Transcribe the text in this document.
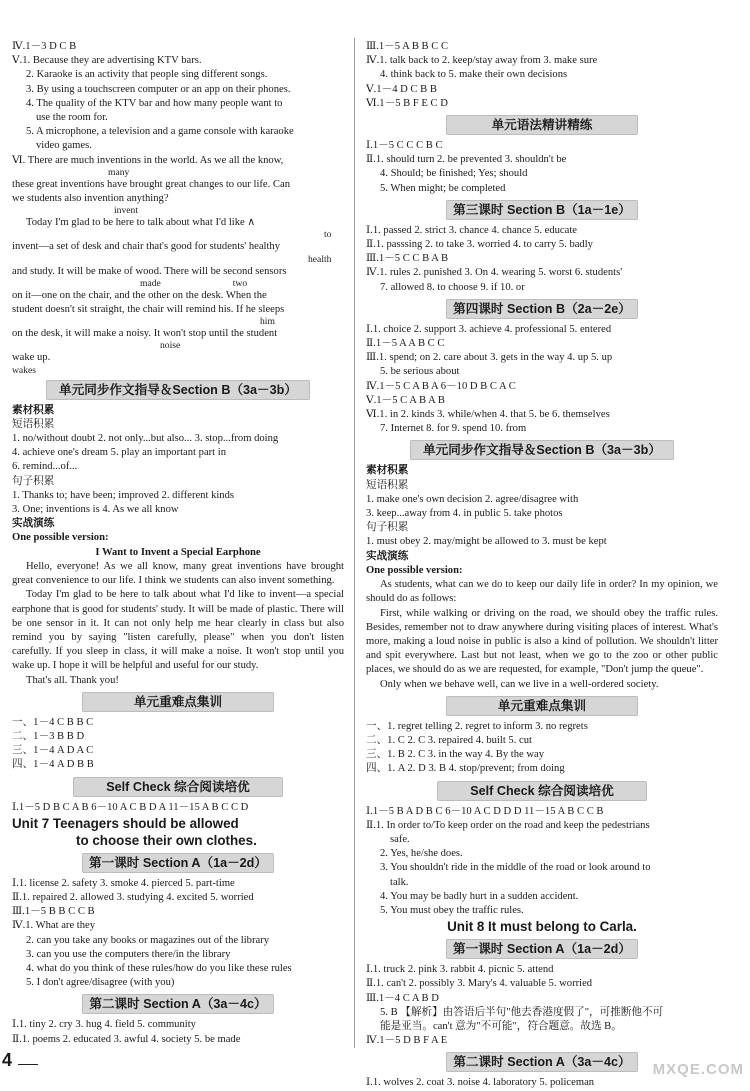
Ⅳ.1－3 D C B
Ⅴ.1. Because they are advertising KTV bars.
2. Karaoke is an activity that people sing different songs.
3. By using a touchscreen computer or an app on their phones.
4. The quality of the KTV bar and how many people want to
use the room for.
5. A microphone, a television and a game console with karaoke
video games.
Ⅵ. There are much inventions in the world. As we all the know,
many
these great inventions have brought great changes to our life. Can
we students also invention anything?
invent
Today I'm glad to be here to talk about what I'd like ∧
to
invent—a set of desk and chair that's good for students' healthy
health
and study. It will be make of wood. There will be second sensors
made                              two
on it—one on the chair, and the other on the desk. When the
student doesn't sit straight, the chair will remind his. If he sleeps
him
on the desk, it will make a noisy. It won't stop until the student
noise
wake up.
wakes
单元同步作文指导＆Section B（3a－3b）
素材积累
短语积累
1. no/without doubt 2. not only...but also... 3. stop...from doing
4. achieve one's dream 5. play an important part in
6. remind...of...
句子积累
1. Thanks to; have been; improved 2. different kinds
3. One; inventions is 4. As we all know
实战演练
One possible version:
I Want to Invent a Special Earphone
Hello, everyone! As we all know, many great inventions have brought great convenience to our life. I think we students can also invent something.
Today I'm glad to be here to talk about what I'd like to invent—a special earphone that is good for students' study. It will be made of plastic. There will be one sensor in it. It can not only help me hear clearly in class but also remind you by saying "listen carefully, please" when you don't listen carefully. If you sleep in class, it will make a noise. It won't stop until you wake up. I hope it will be helpful and useful for our study.
That's all. Thank you!
单元重难点集训
一、1－4 C B B C
二、1－3 B B D
三、1－4 A D A C
四、1－4 A D B B
Self Check 综合阅读培优
Ⅰ.1－5 D B C A B 6－10 A C B D A 11－15 A B C C D
Unit 7 Teenagers should be allowed
to choose their own clothes.
第一课时 Section A（1a－2d）
Ⅰ.1. license 2. safety 3. smoke 4. pierced 5. part-time
Ⅱ.1. repaired 2. allowed 3. studying 4. excited 5. worried
Ⅲ.1－5 B B C C B
Ⅳ.1. What are they
2. can you take any books or magazines out of the library
3. can you use the computers there/in the library
4. what do you think of these rules/how do you like these rules
5. I don't agree/disagree (with you)
第二课时 Section A（3a－4c）
Ⅰ.1. tiny 2. cry 3. hug 4. field 5. community
Ⅱ.1. poems 2. educated 3. awful 4. society 5. be made
Ⅲ.1－5 A B B C C
Ⅳ.1. talk back to 2. keep/stay away from 3. make sure
4. think back to 5. make their own decisions
Ⅴ.1－4 D C B B
Ⅵ.1－5 B F E C D
单元语法精讲精练
Ⅰ.1－5 C C C B C
Ⅱ.1. should turn 2. be prevented 3. shouldn't be
4. Should; be finished; Yes; should
5. When might; be completed
第三课时 Section B（1a－1e）
Ⅰ.1. passed 2. strict 3. chance 4. chance 5. educate
Ⅱ.1. passsing 2. to take 3. worried 4. to carry 5. badly
Ⅲ.1－5 C C B A B
Ⅳ.1. rules 2. punished 3. On 4. wearing 5. worst 6. students'
7. allowed 8. to choose 9. if 10. or
第四课时 Section B（2a－2e）
Ⅰ.1. choice 2. support 3. achieve 4. professional 5. entered
Ⅱ.1－5 A A B C C
Ⅲ.1. spend; on 2. care about 3. gets in the way 4. up 5. up
5. be serious about
Ⅳ.1－5 C A B A 6－10 D B C A C
Ⅴ.1－5 C A B A B
Ⅵ.1. in 2. kinds 3. while/when 4. that 5. be 6. themselves
7. Internet 8. for 9. spend 10. from
单元同步作文指导＆Section B（3a－3b）
素材积累
短语积累
1. make one's own decision 2. agree/disagree with
3. keep...away from 4. in public 5. take photos
句子积累
1. must obey 2. may/might be allowed to 3. must be kept
实战演练
One possible version:
As students, what can we do to keep our daily life in order? In my opinion, we should do as follows:
First, while walking or driving on the road, we should obey the traffic rules. Besides, remember not to draw anywhere during visiting places of interest. What's more, making a loud noise in public is also a kind of pollution. We shouldn't litter and spit everywhere. Last but not least, when we go to the zoo or other public places, we should do as we are requested, for example, "Don't jump the queue".
Only when we behave well, can we live in a well-ordered society.
单元重难点集训
一、1. regret telling 2. regret to inform 3. no regrets
二、1. C 2. C 3. repaired 4. built 5. cut
三、1. B 2. C 3. in the way 4. By the way
四、1. A 2. D 3. B 4. stop/prevent; from doing
Self Check 综合阅读培优
Ⅰ.1－5 B A D B C 6－10 A C D D D 11－15 A B C C B
Ⅱ.1. In order to/To keep order on the road and keep the pedestrians
safe.
2. Yes, he/she does.
3. You shouldn't ride in the middle of the road or look around to
talk.
4. You may be badly hurt in a sudden accident.
5. You must obey the traffic rules.
Unit 8 It must belong to Carla.
第一课时 Section A（1a－2d）
Ⅰ.1. truck 2. pink 3. rabbit 4. picnic 5. attend
Ⅱ.1. can't 2. possibly 3. Mary's 4. valuable 5. worried
Ⅲ.1－4 C A B D
5. B 【解析】由答语后半句"他去香港度假了"，可推断他不可
能是亚当。can't 意为"不可能"，符合题意。故选 B。
Ⅳ.1－5 D B F A E
第二课时 Section A（3a－4c）
Ⅰ.1. wolves 2. coat 3. noise 4. laboratory 5. policeman
4	MXQE.COM
